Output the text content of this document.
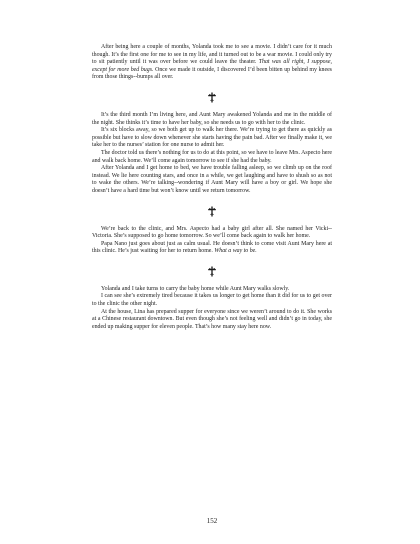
After being here a couple of months, Yolanda took me to see a movie. I didn’t care for it much though. It’s the first one for me to see in my life, and it turned out to be a war movie. I could only try to sit patiently until it was over before we could leave the theater. That was all right, I suppose, except for more bed bugs. Once we made it outside, I discovered I’d been bitten up behind my knees from those things--bumps all over.

It’s the third month I’m living here, and Aunt Mary awakened Yolanda and me in the middle of the night. She thinks it’s time to have her baby, so she needs us to go with her to the clinic.

It’s six blocks away, so we both get up to walk her there. We’re trying to get there as quickly as possible but have to slow down whenever she starts having the pain bad. After we finally make it, we take her to the nurses’ station for one nurse to admit her.

The doctor told us there’s nothing for us to do at this point, so we have to leave Mrs. Aspecto here and walk back home. We’ll come again tomorrow to see if she had the baby.

After Yolanda and I get home to bed, we have trouble falling asleep, so we climb up on the roof instead. We lie here counting stars, and once in a while, we get laughing and have to shush so as not to wake the others. We’re talking--wondering if Aunt Mary will have a boy or girl. We hope she doesn’t have a hard time but won’t know until we return tomorrow.

We’re back to the clinic, and Mrs. Aspecto had a baby girl after all. She named her Vicki--Victoria. She’s supposed to go home tomorrow. So we’ll come back again to walk her home.

Papa Nano just goes about just as calm usual. He doesn’t think to come visit Aunt Mary here at this clinic. He’s just waiting for her to return home. What a way to be.

Yolanda and I take turns to carry the baby home while Aunt Mary walks slowly.

I can see she’s extremely tired because it takes us longer to get home than it did for us to get over to the clinic the other night.

At the house, Lina has prepared supper for everyone since we weren’t around to do it. She works at a Chinese restaurant downtown. But even though she’s not feeling well and didn’t go in today, she ended up making supper for eleven people. That’s how many stay here now.

152
